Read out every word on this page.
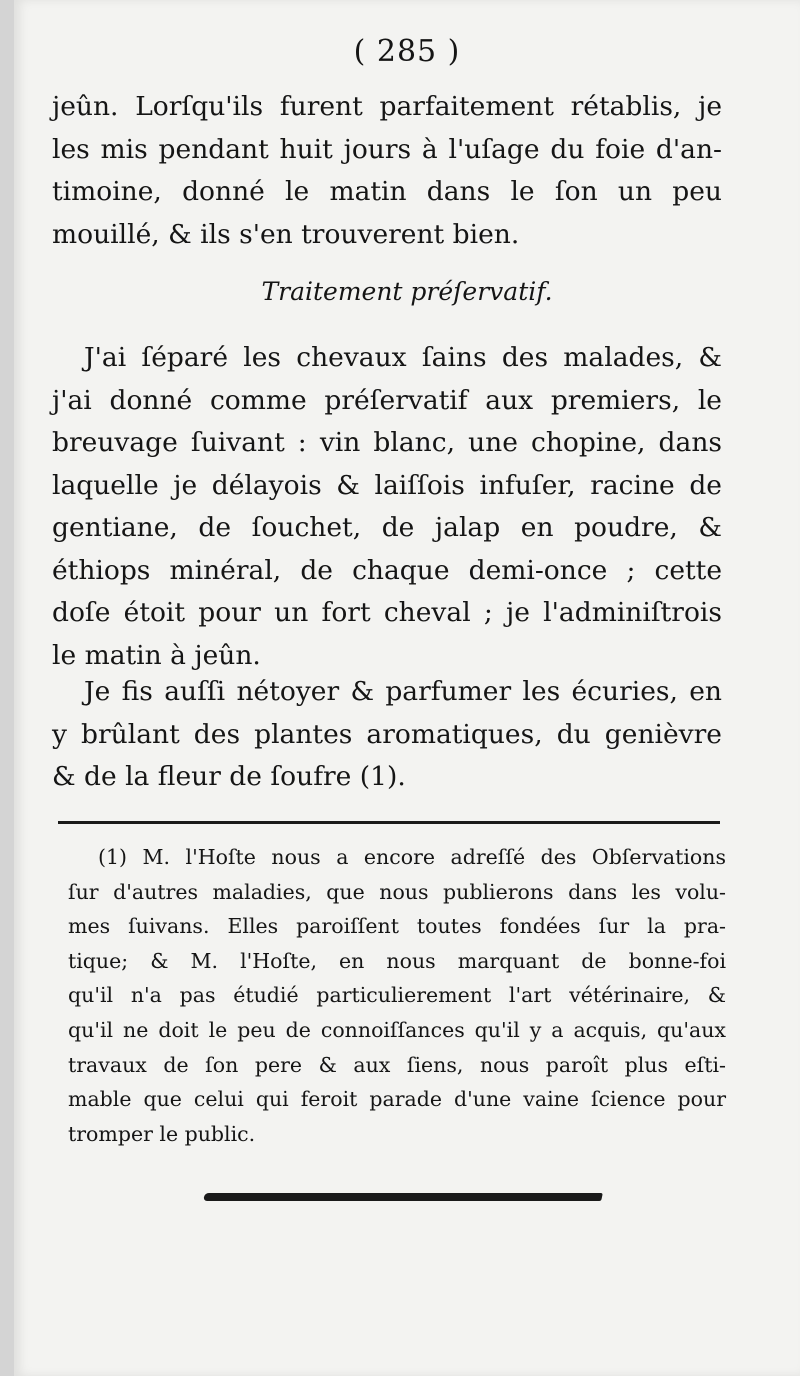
( 285 )
jeûn. Lorſqu'ils furent parfaitement rétablis, je
les mis pendant huit jours à l'uſage du foie d'an-
timoine, donné le matin dans le ſon un peu
mouillé, & ils s'en trouverent bien.
Traitement préſervatif.
J'ai ſéparé les chevaux ſains des malades, &
j'ai donné comme préſervatif aux premiers, le
breuvage ſuivant : vin blanc, une chopine, dans
laquelle je délayois & laiſſois infuſer, racine de
gentiane, de ſouchet, de jalap en poudre, &
éthiops minéral, de chaque demi-once ; cette
doſe étoit pour un fort cheval ; je l'adminiſtrois
le matin à jeûn.
Je fis auſſi nétoyer & parfumer les écuries, en
y brûlant des plantes aromatiques, du genièvre
& de la fleur de ſoufre (1).
(1) M. l'Hoſte nous a encore adreſſé des Obſervations
ſur d'autres maladies, que nous publierons dans les volu-
mes ſuivans. Elles paroiſſent toutes fondées ſur la pra-
tique; & M. l'Hoſte, en nous marquant de bonne-foi
qu'il n'a pas étudié particulierement l'art vétérinaire, &
qu'il ne doit le peu de connoiſſances qu'il y a acquis, qu'aux
travaux de ſon pere & aux ſiens, nous paroît plus eſti-
mable que celui qui feroit parade d'une vaine ſcience pour
tromper le public.
